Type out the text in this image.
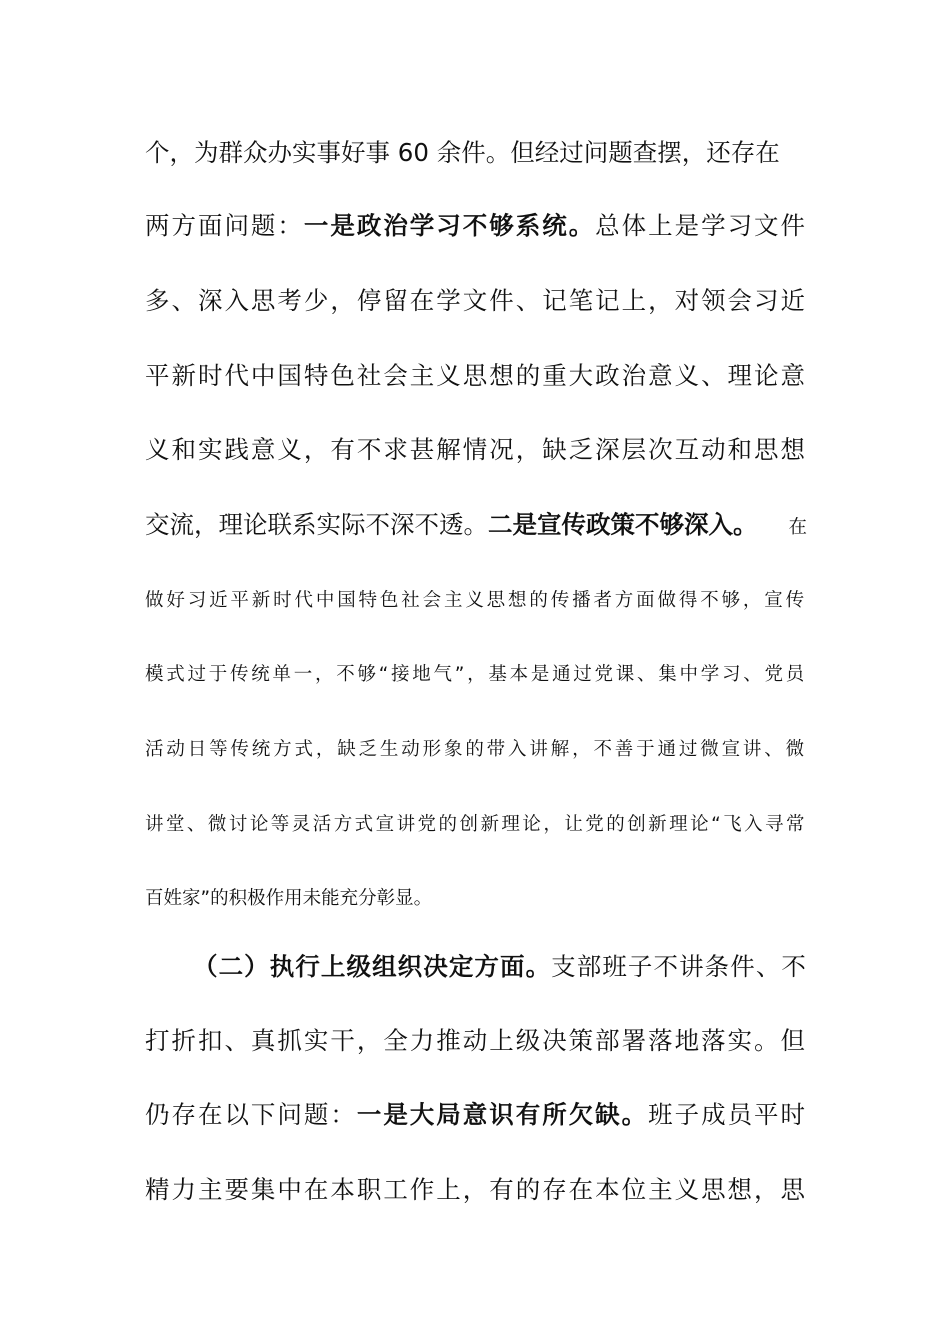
个，为群众办实事好事 60 余件。但经过问题查摆，还存在
两方面问题：一是政治学习不够系统。总体上是学习文件
多、深入思考少，停留在学文件、记笔记上，对领会习近
平新时代中国特色社会主义思想的重大政治意义、理论意
义和实践意义，有不求甚解情况，缺乏深层次互动和思想
交流，理论联系实际不深不透。二是宣传政策不够深入。 在
做好习近平新时代中国特色社会主义思想的传播者方面做得不够，宣传
模式过于传统单一，不够“接地气”，基本是通过党课、集中学习、党员
活动日等传统方式，缺乏生动形象的带入讲解，不善于通过微宣讲、微
讲堂、微讨论等灵活方式宣讲党的创新理论，让党的创新理论“飞入寻常
百姓家”的积极作用未能充分彰显。
（二）执行上级组织决定方面。支部班子不讲条件、不
打折扣、真抓实干，全力推动上级决策部署落地落实。但
仍存在以下问题：一是大局意识有所欠缺。班子成员平时
精力主要集中在本职工作上，有的存在本位主义思想，思
